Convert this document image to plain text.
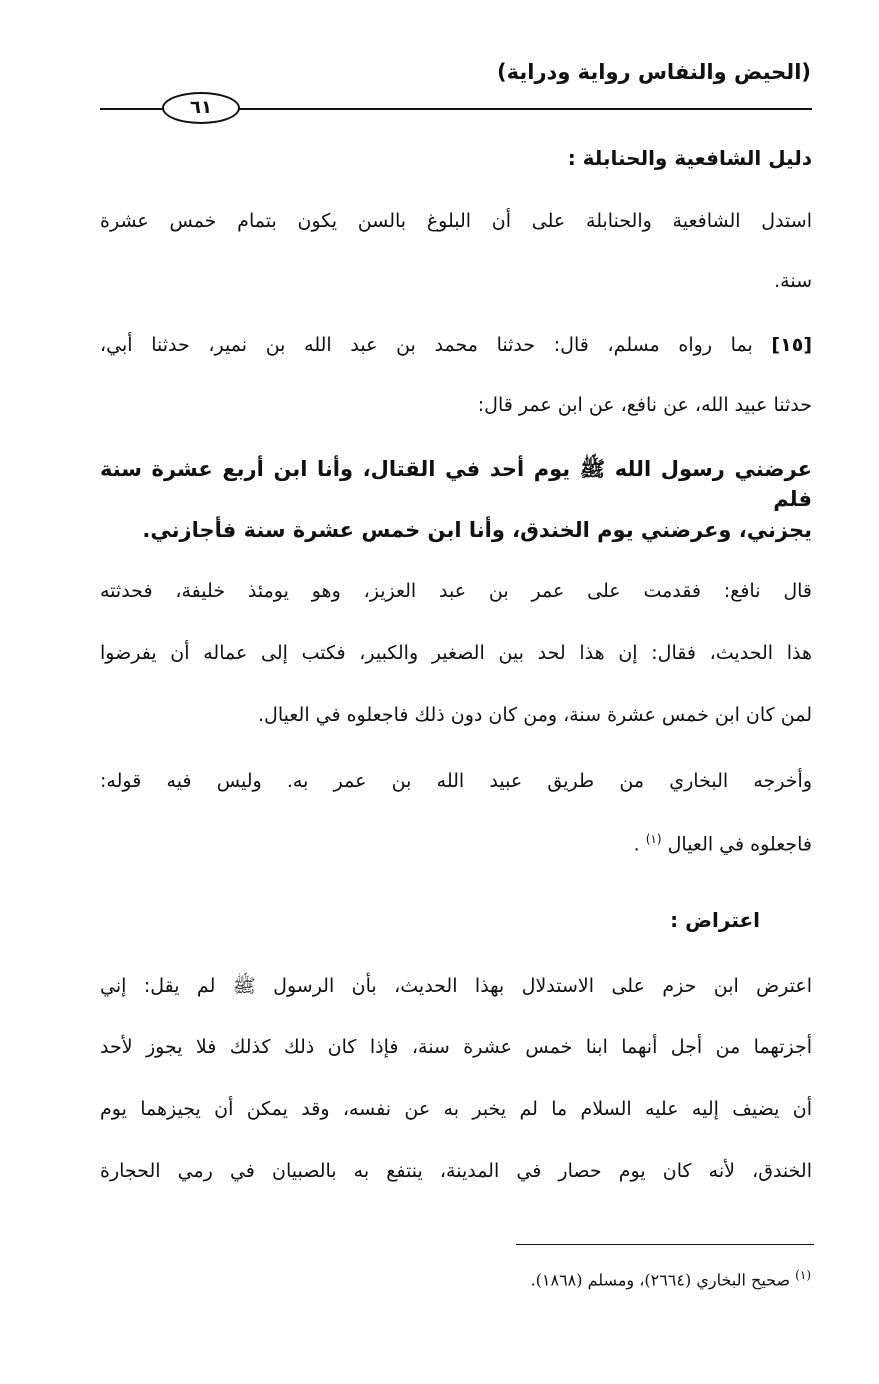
(الحيض والنفاس رواية ودراية)
٦١
دليل الشافعية والحنابلة :
استدل الشافعية والحنابلة على أن البلوغ بالسن يكون بتمام خمس عشرة
سنة.
[١٥] بما رواه مسلم، قال: حدثنا محمد بن عبد الله بن نمير، حدثنا أبي،
حدثنا عبيد الله، عن نافع، عن ابن عمر قال:
عرضني رسول الله ﷺ يوم أحد في القتال، وأنا ابن أربع عشرة سنة فلم
يجزني، وعرضني يوم الخندق، وأنا ابن خمس عشرة سنة فأجازني.
قال نافع: فقدمت على عمر بن عبد العزيز، وهو يومئذ خليفة، فحدثته
هذا الحديث، فقال: إن هذا لحد بين الصغير والكبير، فكتب إلى عماله أن يفرضوا
لمن كان ابن خمس عشرة سنة، ومن كان دون ذلك فاجعلوه في العيال.
وأخرجه البخاري من طريق عبيد الله بن عمر به. وليس فيه قوله:
فاجعلوه في العيال $^{(١)}$ .
اعتراض :
اعترض ابن حزم على الاستدلال بهذا الحديث، بأن الرسول ﷺ لم يقل: إني
أجزتهما من أجل أنهما ابنا خمس عشرة سنة، فإذا كان ذلك كذلك فلا يجوز لأحد
أن يضيف إليه عليه السلام ما لم يخبر به عن نفسه، وقد يمكن أن يجيزهما يوم
الخندق، لأنه كان يوم حصار في المدينة، ينتفع به بالصبيان في رمي الحجارة
$^{(١)}$ صحيح البخاري (٢٦٦٤)، ومسلم (١٨٦٨).
